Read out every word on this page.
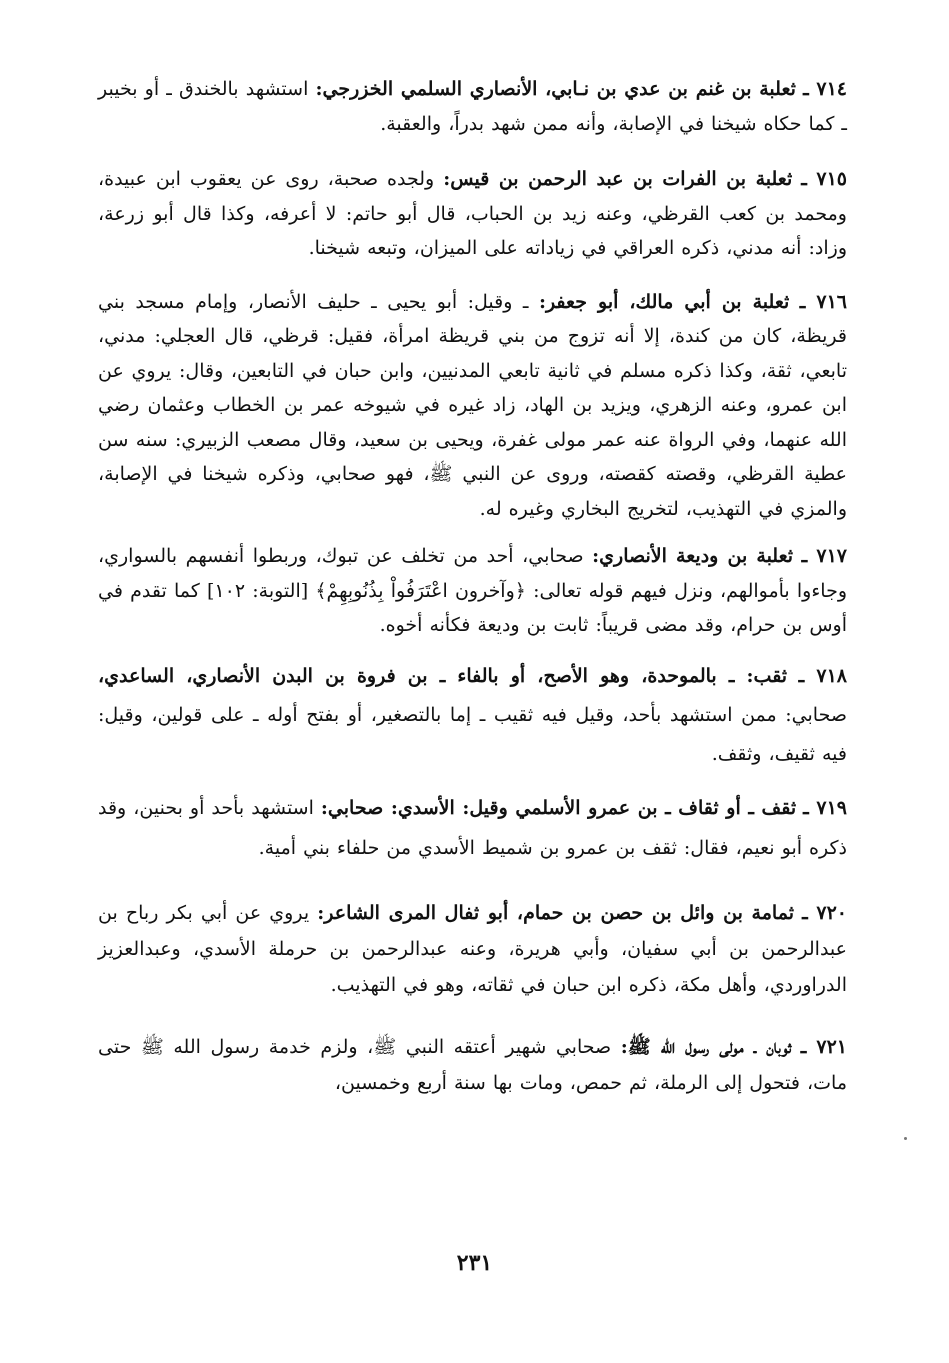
٧١٤ ـ ثعلبة بن غنم بن عدي بن نـابي، الأنصاري السلمي الخزرجي: استشهد بالخندق ـ أو بخيبر ـ كما حكاه شيخنا في الإصابة، وأنه ممن شهد بدراً، والعقبة.

٧١٥ ـ ثعلبة بن الفرات بن عبد الرحمن بن قيس: ولجده صحبة، روى عن يعقوب ابن عبيدة، ومحمد بن كعب القرظي، وعنه زيد بن الحباب، قال أبو حاتم: لا أعرفه، وكذا قال أبو زرعة، وزاد: أنه مدني، ذكره العراقي في زياداته على الميزان، وتبعه شيخنا.

٧١٦ ـ ثعلبة بن أبي مالك، أبو جعفر: ـ وقيل: أبو يحيى ـ حليف الأنصار، وإمام مسجد بني قريظة، كان من كندة، إلا أنه تزوج من بني قريظة امرأة، فقيل: قرظي، قال العجلي: مدني، تابعي، ثقة، وكذا ذكره مسلم في ثانية تابعي المدنيين، وابن حبان في التابعين، وقال: يروي عن ابن عمرو، وعنه الزهري، ويزيد بن الهاد، زاد غيره في شيوخه عمر بن الخطاب وعثمان رضي الله عنهما، وفي الرواة عنه عمر مولى غفرة، ويحيى بن سعيد، وقال مصعب الزبيري: سنه سن عطية القرظي، وقصته كقصته، وروى عن النبي ﷺ، فهو صحابي، وذكره شيخنا في الإصابة، والمزي في التهذيب، لتخريج البخاري وغيره له.

٧١٧ ـ ثعلبة بن وديعة الأنصاري: صحابي، أحد من تخلف عن تبوك، وربطوا أنفسهم بالسواري، وجاءوا بأموالهم، ونزل فيهم قوله تعالى: ﴿وآخرون اعْتَرَفُواْ بِذُنُوبِهِمْ﴾ [التوبة: ١٠٢] كما تقدم في أوس بن حرام، وقد مضى قريباً: ثابت بن وديعة فكأنه أخوه.

٧١٨ ـ ثقب: ـ بالموحدة، وهو الأصح، أو بالفاء ـ بن فروة بن البدن الأنصاري، الساعدي، صحابي: ممن استشهد بأحد، وقيل فيه ثقيب ـ إما بالتصغير، أو بفتح أوله ـ على قولين، وقيل: فيه ثقيف، وثقف.

٧١٩ ـ ثقف ـ أو ثقاف ـ بن عمرو الأسلمي وقيل: الأسدي: صحابي: استشهد بأحد أو بحنين، وقد ذكره أبو نعيم، فقال: ثقف بن عمرو بن شميط الأسدي من حلفاء بني أمية.

٧٢٠ ـ ثمامة بن وائل بن حصن بن حمام، أبو ثفال المرى الشاعر: يروي عن أبي بكر رباح بن عبدالرحمن بن أبي سفيان، وأبي هريرة، وعنه عبدالرحمن بن حرملة الأسدي، وعبدالعزيز الدراوردي، وأهل مكة، ذكره ابن حبان في ثقاته، وهو في التهذيب.

٧٢١ ـ ثوبان ـ مولى رسول الله ﷺ: صحابي شهير أعتقه النبي ﷺ، ولزم خدمة رسول الله ﷺ حتى مات، فتحول إلى الرملة، ثم حمص، ومات بها سنة أربع وخمسين،

٢٣١
